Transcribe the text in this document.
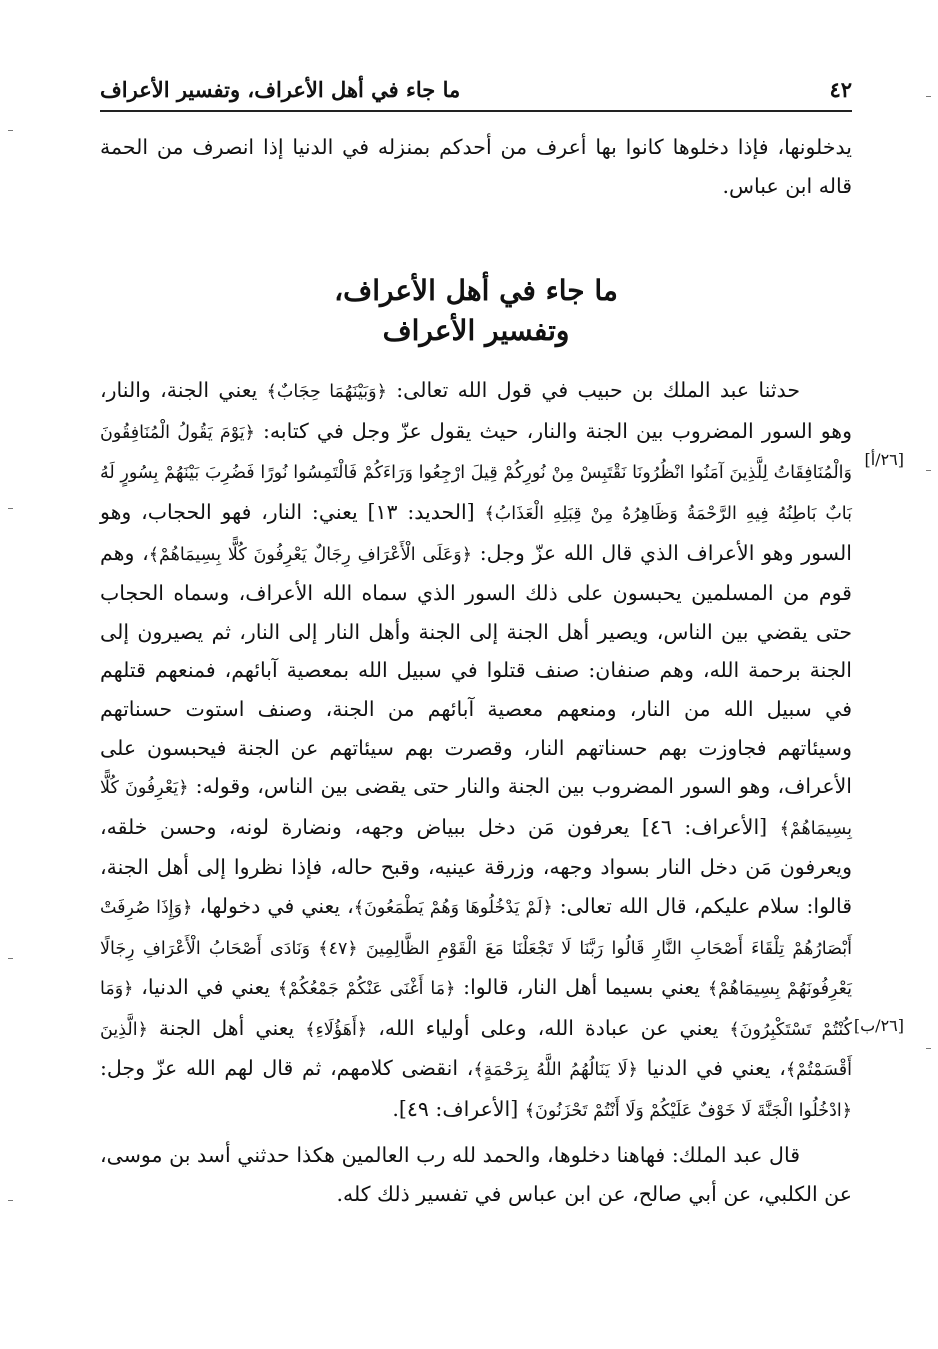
٤٢
ما جاء في أهل الأعراف، وتفسير الأعراف
[٢٦/أ]
[٢٦/ب]

يدخلونها، فإذا دخلوها كانوا بها أعرف من أحدكم بمنزله في الدنيا إذا انصرف من الحمة قاله ابن عباس.

ما جاء في أهل الأعراف،
وتفسير الأعراف

حدثنا عبد الملك بن حبيب في قول الله تعالى: ﴿وَبَيْنَهُمَا حِجَابٌ﴾ يعني الجنة، والنار، وهو السور المضروب بين الجنة والنار، حيث يقول عزّ وجل في كتابه: ﴿يَوْمَ يَقُولُ الْمُنَافِقُونَ وَالْمُنَافِقَاتُ لِلَّذِينَ آمَنُوا انْظُرُونَا نَقْتَبِسْ مِنْ نُورِكُمْ قِيلَ ارْجِعُوا وَرَاءَكُمْ فَالْتَمِسُوا نُورًا فَضُرِبَ بَيْنَهُمْ بِسُورٍ لَهُ بَابٌ بَاطِنُهُ فِيهِ الرَّحْمَةُ وَظَاهِرُهُ مِنْ قِبَلِهِ الْعَذَابُ﴾ [الحديد: ١٣] يعني: النار، فهو الحجاب، وهو السور وهو الأعراف الذي قال الله عزّ وجل: ﴿وَعَلَى الْأَعْرَافِ رِجَالٌ يَعْرِفُونَ كُلًّا بِسِيمَاهُمْ﴾، وهم قوم من المسلمين يحبسون على ذلك السور الذي سماه الله الأعراف، وسماه الحجاب حتى يقضي بين الناس، ويصير أهل الجنة إلى الجنة وأهل النار إلى النار، ثم يصيرون إلى الجنة برحمة الله، وهم صنفان: صنف قتلوا في سبيل الله بمعصية آبائهم، فمنعهم قتلهم في سبيل الله من النار، ومنعهم معصية آبائهم من الجنة، وصنف استوت حسناتهم وسيئاتهم فجاوزت بهم حسناتهم النار، وقصرت بهم سيئاتهم عن الجنة فيحبسون على الأعراف، وهو السور المضروب بين الجنة والنار حتى يقضى بين الناس، وقوله: ﴿يَعْرِفُونَ كُلًّا بِسِيمَاهُمْ﴾ [الأعراف: ٤٦] يعرفون مَن دخل ببياض وجهه، ونضارة لونه، وحسن خلقه، ويعرفون مَن دخل النار بسواد وجهه، وزرقة عينيه، وقبح حاله، فإذا نظروا إلى أهل الجنة، قالوا: سلام عليكم، قال الله تعالى: ﴿لَمْ يَدْخُلُوهَا وَهُمْ يَطْمَعُونَ﴾، يعني في دخولها، ﴿وَإِذَا صُرِفَتْ أَبْصَارُهُمْ تِلْقَاءَ أَصْحَابِ النَّارِ قَالُوا رَبَّنَا لَا تَجْعَلْنَا مَعَ الْقَوْمِ الظَّالِمِينَ ﴿٤٧﴾ وَنَادَى أَصْحَابُ الْأَعْرَافِ رِجَالًا يَعْرِفُونَهُمْ بِسِيمَاهُمْ﴾ يعني بسيما أهل النار، قالوا: ﴿مَا أَغْنَى عَنْكُمْ جَمْعُكُمْ﴾ يعني في الدنيا، ﴿وَمَا كُنْتُمْ تَسْتَكْبِرُونَ﴾ يعني عن عبادة الله، وعلى أولياء الله، ﴿أَهَؤُلَاءِ﴾ يعني أهل الجنة ﴿الَّذِينَ أَقْسَمْتُمْ﴾، يعني في الدنيا ﴿لَا يَنَالُهُمُ اللَّهُ بِرَحْمَةٍ﴾، انقضى كلامهم، ثم قال لهم الله عزّ وجل: ﴿ادْخُلُوا الْجَنَّةَ لَا خَوْفٌ عَلَيْكُمْ وَلَا أَنْتُمْ تَحْزَنُونَ﴾ [الأعراف: ٤٩].

قال عبد الملك: فهاهنا دخلوها، والحمد لله رب العالمين هكذا حدثني أسد بن موسى، عن الكلبي، عن أبي صالح، عن ابن عباس في تفسير ذلك كله.
